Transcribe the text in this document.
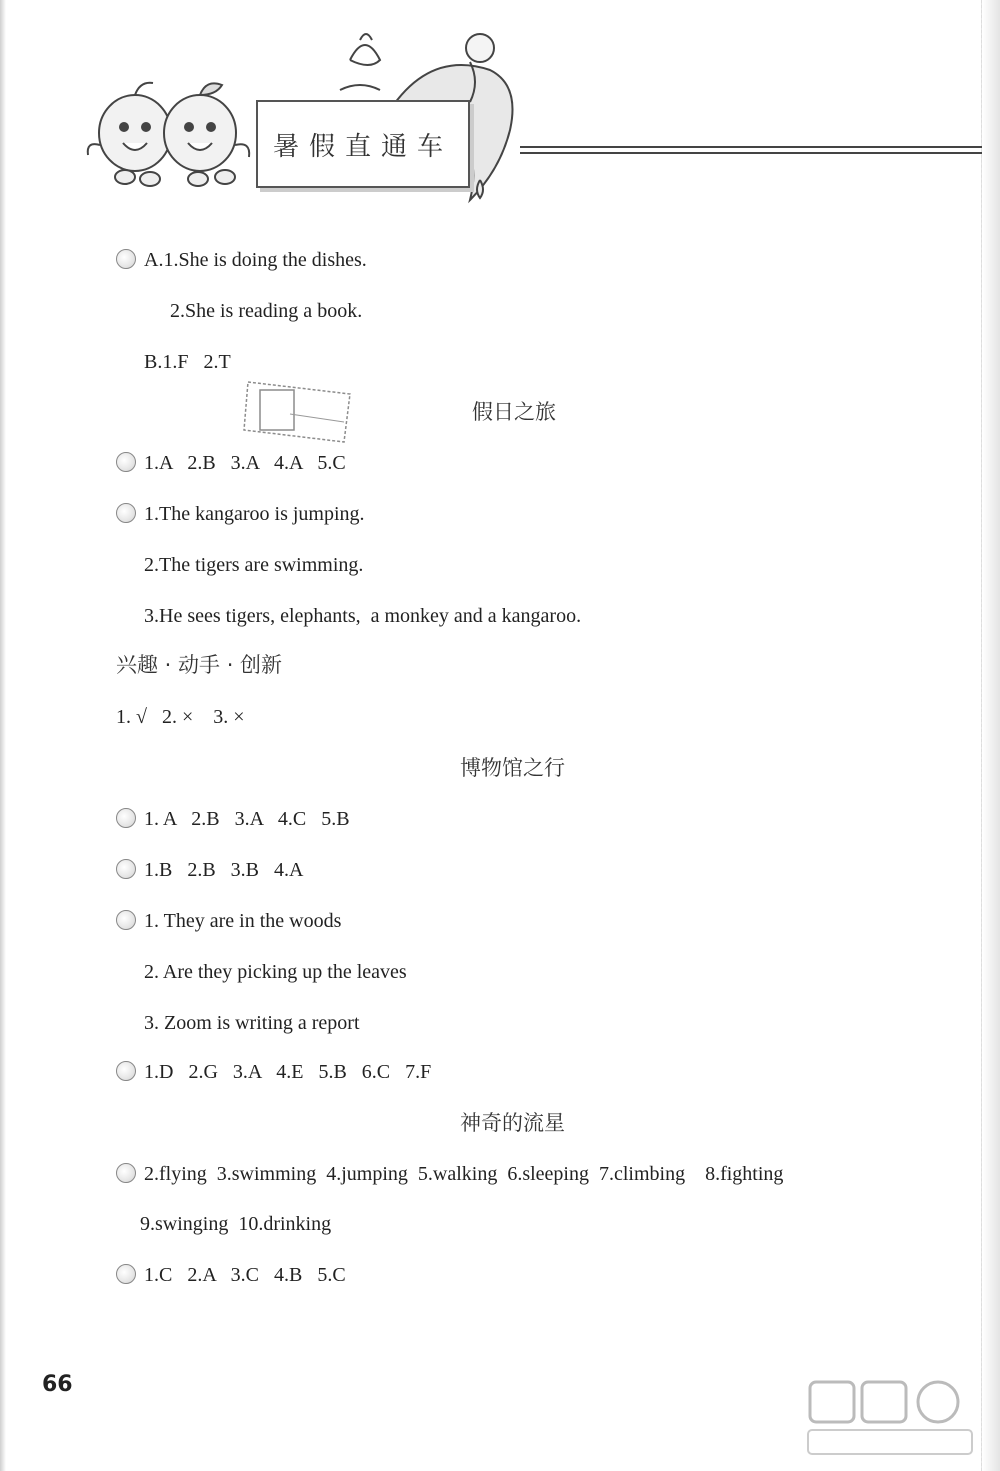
暑假直通车
A.1.She is doing the dishes.
2.She is reading a book.
B.1.F   2.T
假日之旅
1.A   2.B   3.A   4.A   5.C
1.The kangaroo is jumping.
2.The tigers are swimming.
3.He sees tigers, elephants,  a monkey and a kangaroo.
兴趣 · 动手 · 创新
1. √   2. ×    3. ×
博物馆之行
1. A   2.B   3.A   4.C   5.B
1.B   2.B   3.B   4.A
1. They are in the woods
2. Are they picking up the leaves
3. Zoom is writing a report
1.D   2.G   3.A   4.E   5.B   6.C   7.F
神奇的流星
2.flying  3.swimming  4.jumping  5.walking  6.sleeping  7.climbing    8.fighting
9.swinging  10.drinking
1.C   2.A   3.C   4.B   5.C
66
